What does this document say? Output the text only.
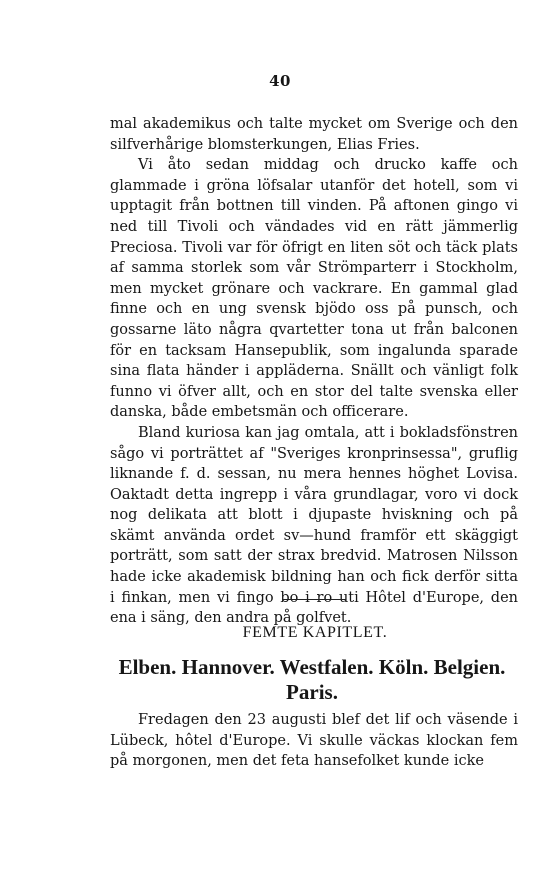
40

mal akademikus och talte mycket om Sverige och den silfverhårige blomsterkungen, Elias Fries.

Vi åto sedan middag och drucko kaffe och glammade i gröna löfsalar utanför det hotell, som vi upptagit från bottnen till vinden. På aftonen gingo vi ned till Tivoli och vändades vid en rätt jämmerlig Preciosa. Tivoli var för öfrigt en liten söt och täck plats af samma storlek som vår Strömparterr i Stockholm, men mycket grönare och vackrare. En gammal glad finne och en ung svensk bjödo oss på punsch, och gossarne läto några qvartetter tona ut från balconen för en tacksam Hansepublik, som ingalunda sparade sina flata händer i appläderna. Snällt och vänligt folk funno vi öfver allt, och en stor del talte svenska eller danska, både embetsmän och officerare.

Bland kuriosa kan jag omtala, att i bokladsfönstren sågo vi porträttet af "Sveriges kronprinsessa", gruflig liknande f. d. sessan, nu mera hennes höghet Lovisa. Oaktadt detta ingrepp i våra grundlagar, voro vi dock nog delikata att blott i djupaste hviskning och på skämt använda ordet sv—hund framför ett skäggigt porträtt, som satt der strax bredvid. Matrosen Nilsson hade icke akademisk bildning han och fick derför sitta i finkan, men vi fingo bo i ro uti Hôtel d'Europe, den ena i säng, den andra på golfvet.

FEMTE KAPITLET.
Elben. Hannover. Westfalen. Köln. Belgien. Paris.

Fredagen den 23 augusti blef det lif och väsende i Lübeck, hôtel d'Europe. Vi skulle väckas klockan fem på morgonen, men det feta hansefolket kunde icke
